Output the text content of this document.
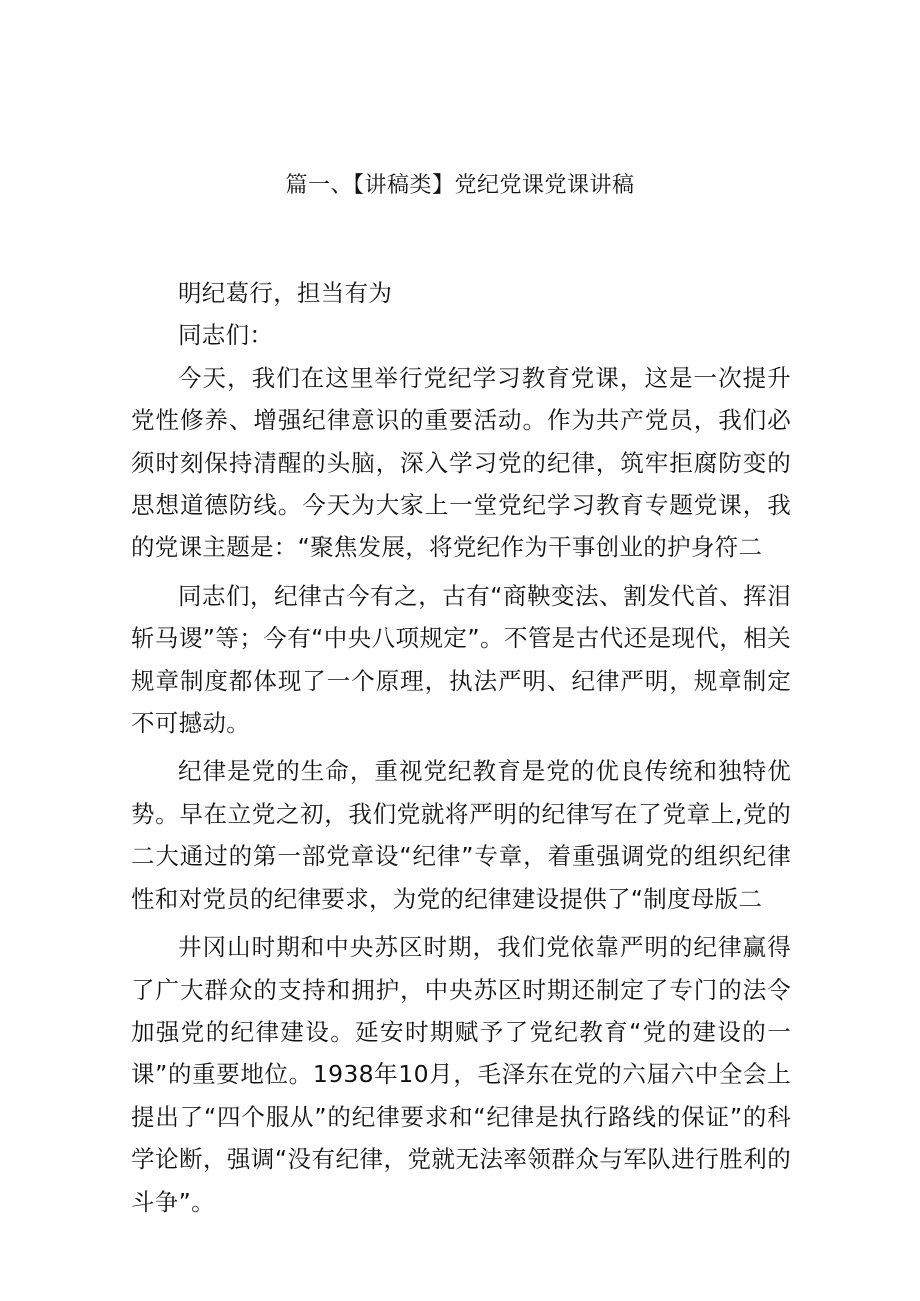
篇一、【讲稿类】党纪党课党课讲稿

明纪葛行，担当有为

同志们：

今天，我们在这里举行党纪学习教育党课，这是一次提升党性修养、增强纪律意识的重要活动。作为共产党员，我们必须时刻保持清醒的头脑，深入学习党的纪律，筑牢拒腐防变的思想道德防线。今天为大家上一堂党纪学习教育专题党课，我的党课主题是：“聚焦发展，将党纪作为干事创业的护身符二

同志们，纪律古今有之，古有“商鞅变法、割发代首、挥泪斩马谡”等；今有“中央八项规定”。不管是古代还是现代，相关规章制度都体现了一个原理，执法严明、纪律严明，规章制定不可撼动。

纪律是党的生命，重视党纪教育是党的优良传统和独特优势。早在立党之初，我们党就将严明的纪律写在了党章上,党的二大通过的第一部党章设“纪律”专章，着重强调党的组织纪律性和对党员的纪律要求，为党的纪律建设提供了“制度母版二

井冈山时期和中央苏区时期，我们党依靠严明的纪律赢得了广大群众的支持和拥护，中央苏区时期还制定了专门的法令加强党的纪律建设。延安时期赋予了党纪教育“党的建设的一课”的重要地位。1938年10月，毛泽东在党的六届六中全会上提出了“四个服从”的纪律要求和“纪律是执行路线的保证”的科学论断，强调“没有纪律，党就无法率领群众与军队进行胜利的斗争”。
